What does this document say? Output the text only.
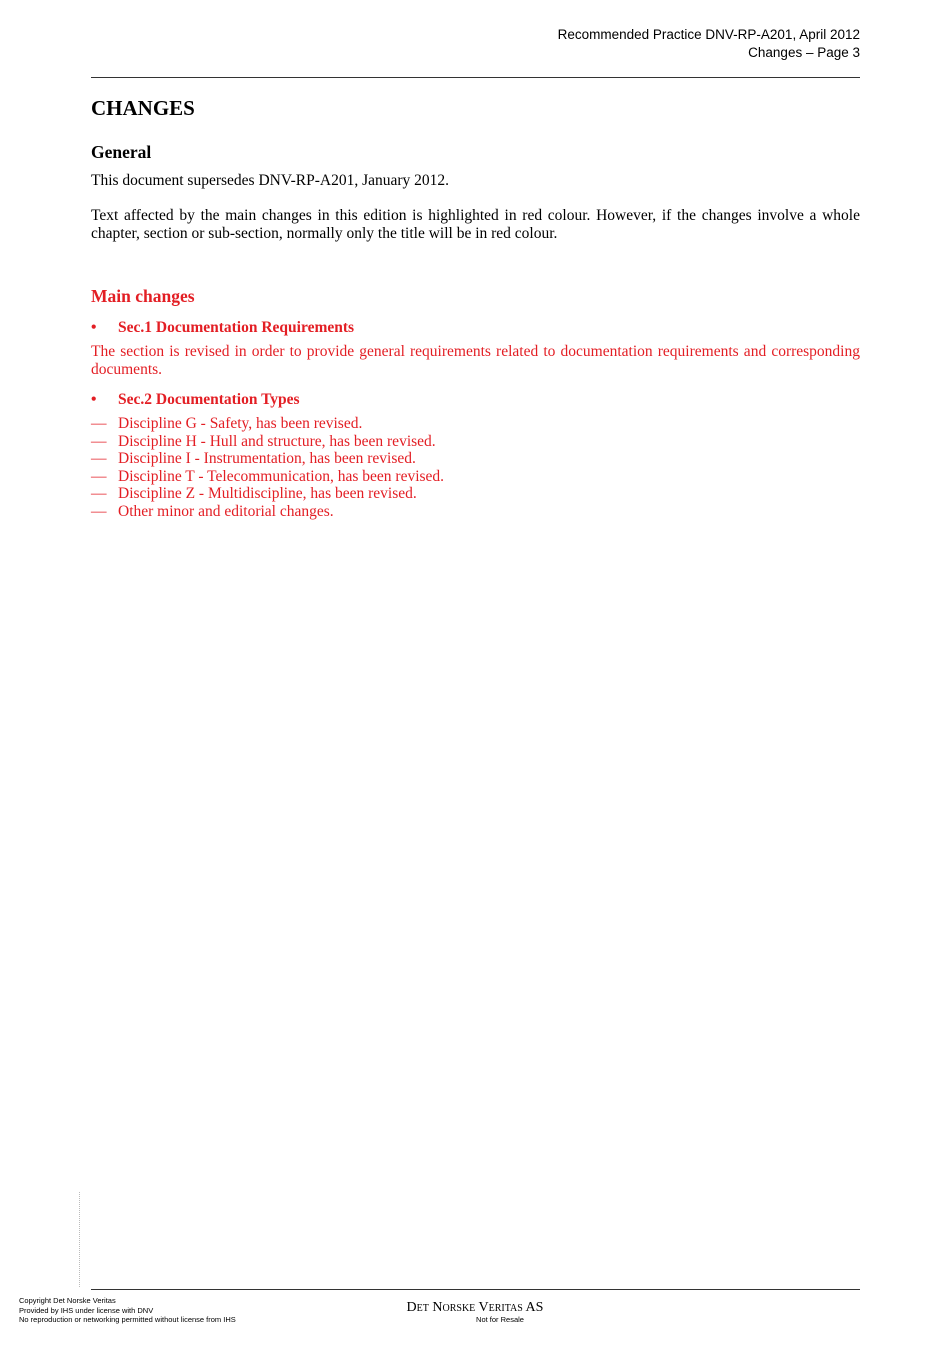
Recommended Practice DNV-RP-A201, April 2012
Changes – Page 3
CHANGES
General

This document supersedes DNV-RP-A201, January 2012.

Text affected by the main changes in this edition is highlighted in red colour. However, if the changes involve a whole chapter, section or sub-section, normally only the title will be in red colour.

Main changes
• Sec.1 Documentation Requirements

The section is revised in order to provide general requirements related to documentation requirements and corresponding documents.

• Sec.2 Documentation Types
— Discipline G - Safety, has been revised.
— Discipline H - Hull and structure, has been revised.
— Discipline I - Instrumentation, has been revised.
— Discipline T - Telecommunication, has been revised.
— Discipline Z - Multidiscipline, has been revised.
— Other minor and editorial changes.
Copyright Det Norske Veritas
Provided by IHS under license with DNV
No reproduction or networking permitted without license from IHS
Det Norske Veritas AS
Not for Resale
